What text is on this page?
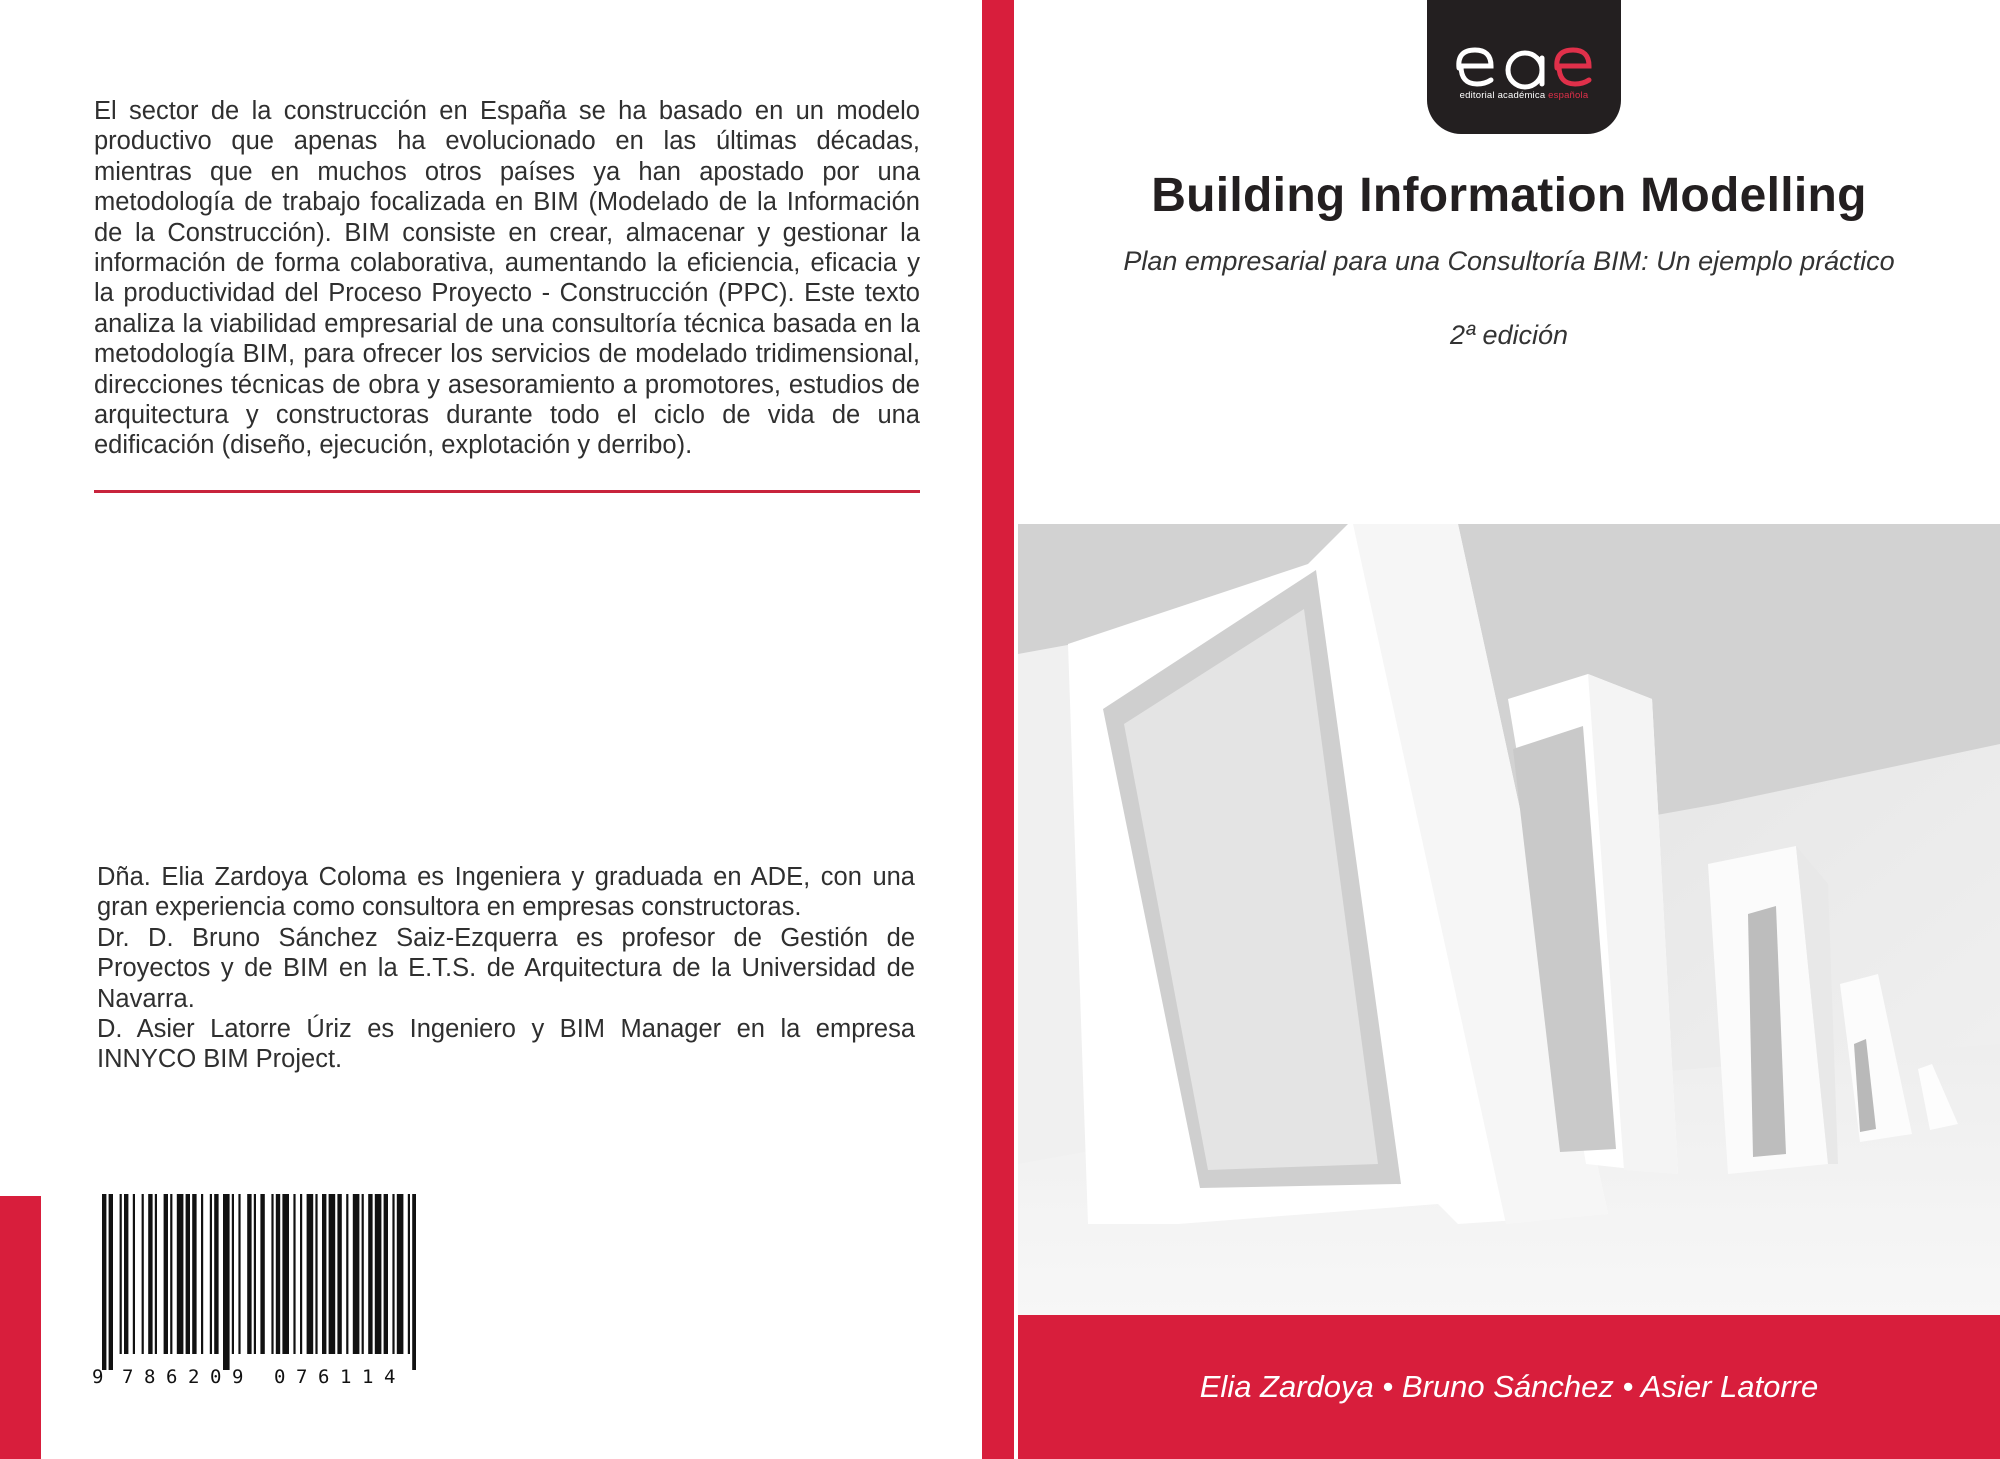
El sector de la construcción en España se ha basado en un modelo productivo que apenas ha evolucionado en las últimas décadas, mientras que en muchos otros países ya han apostado por una metodología de trabajo focalizada en BIM (Modelado de la Información de la Construcción). BIM consiste en crear, almacenar y gestionar la información de forma colaborativa, aumentando la eficiencia, eficacia y la productividad del Proceso Proyecto - Construcción (PPC). Este texto analiza la viabilidad empresarial de una consultoría técnica basada en la metodología BIM, para ofrecer los servicios de modelado tridimensional, direcciones técnicas de obra y asesoramiento a promotores, estudios de arquitectura y constructoras durante todo el ciclo de vida de una edificación (diseño, ejecución, explotación y derribo).

Dña. Elia Zardoya Coloma es Ingeniera y graduada en ADE, con una gran experiencia como consultora en empresas constructoras.

Dr. D. Bruno Sánchez Saiz-Ezquerra es profesor de Gestión de Proyectos y de BIM en la E.T.S. de Arquitectura de la Universidad de Navarra.

D. Asier Latorre Úriz es Ingeniero y BIM Manager en la empresa INNYCO BIM Project.

9 7 8 6 2 0 9 0 7 6 1 1 4
editorial académica española
Building Information Modelling
Plan empresarial para una Consultoría BIM: Un ejemplo práctico
2ª edición
Elia Zardoya • Bruno Sánchez • Asier Latorre
